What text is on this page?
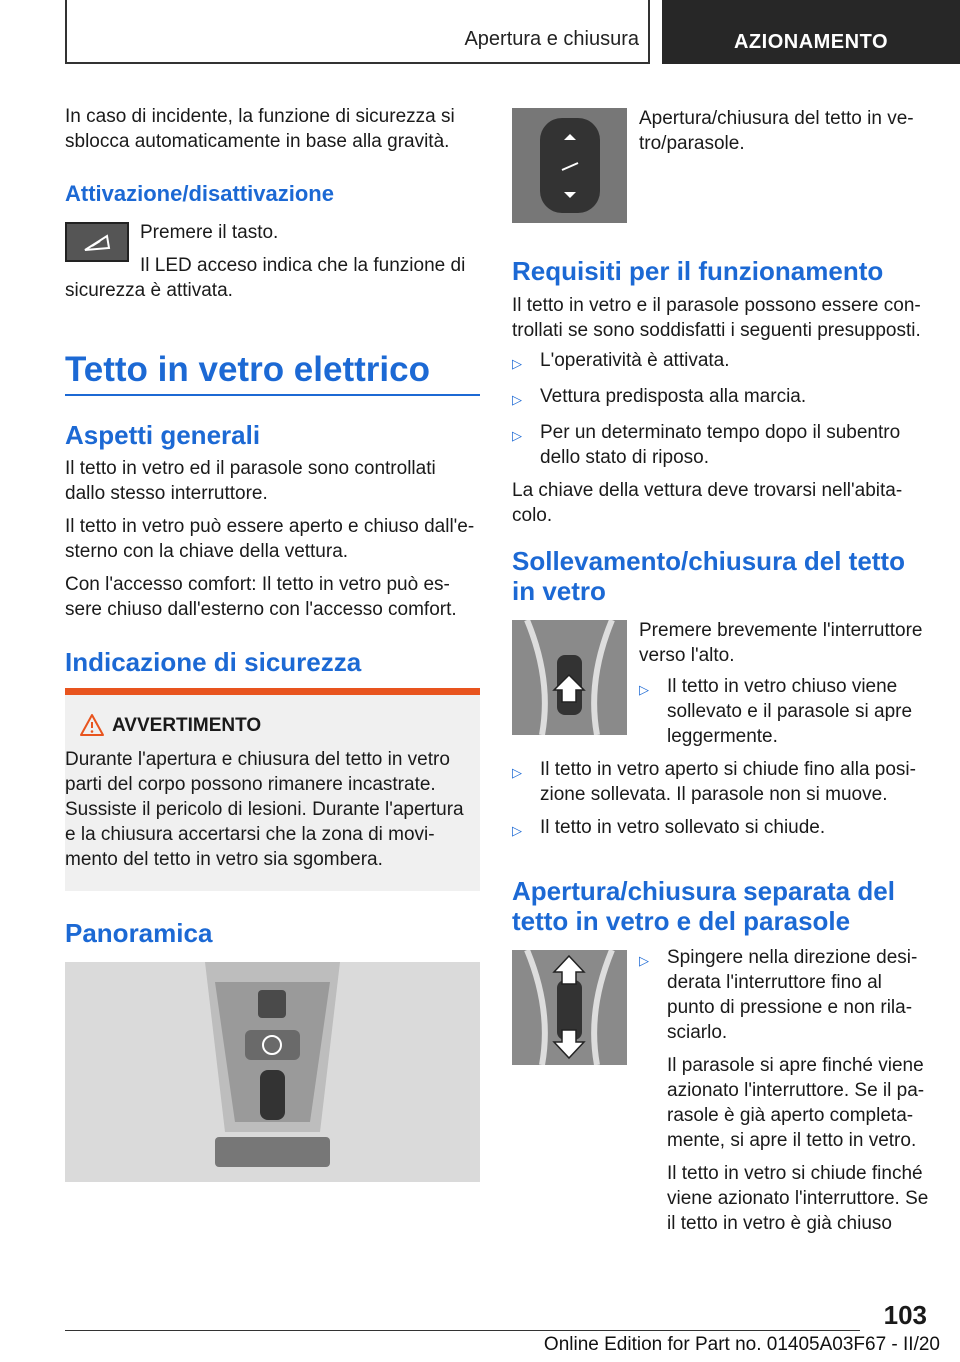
Apertura e chiusura	AZIONAMENTO

In caso di incidente, la funzione di sicurezza si sblocca automaticamente in base alla gravità.

Attivazione/disattivazione

Premere il tasto.

Il LED acceso indica che la funzione di sicurezza è attivata.

Tetto in vetro elettrico
Aspetti generali

Il tetto in vetro ed il parasole sono controllati dallo stesso interruttore.

Il tetto in vetro può essere aperto e chiuso dall'esterno con la chiave della vettura.

Con l'accesso comfort: Il tetto in vetro può essere chiuso dall'esterno con l'accesso comfort.

Indicazione di sicurezza
AVVERTIMENTO

Durante l'apertura e chiusura del tetto in vetro parti del corpo possono rimanere incastrate. Sussiste il pericolo di lesioni. Durante l'apertura e la chiusura accertarsi che la zona di movimento del tetto in vetro sia sgombera.

Panoramica

Apertura/chiusura del tetto in vetro/parasole.

Requisiti per il funzionamento

Il tetto in vetro e il parasole possono essere controllati se sono soddisfatti i seguenti presupposti.

▷ L'operatività è attivata.
▷ Vettura predisposta alla marcia.
▷ Per un determinato tempo dopo il subentro dello stato di riposo.

La chiave della vettura deve trovarsi nell'abitacolo.

Sollevamento/chiusura del tetto in vetro

Premere brevemente l'interruttore verso l'alto.

▷ Il tetto in vetro chiuso viene sollevato e il parasole si apre leggermente.
▷ Il tetto in vetro aperto si chiude fino alla posizione sollevata. Il parasole non si muove.
▷ Il tetto in vetro sollevato si chiude.
Apertura/chiusura separata del tetto in vetro e del parasole
▷ Spingere nella direzione desiderata l'interruttore fino al punto di pressione e non rilasciarlo.

Il parasole si apre finché viene azionato l'interruttore. Se il parasole è già aperto completamente, si apre il tetto in vetro.

Il tetto in vetro si chiude finché viene azionato l'interruttore. Se il tetto in vetro è già chiuso

103
Online Edition for Part no. 01405A03F67 - II/20
